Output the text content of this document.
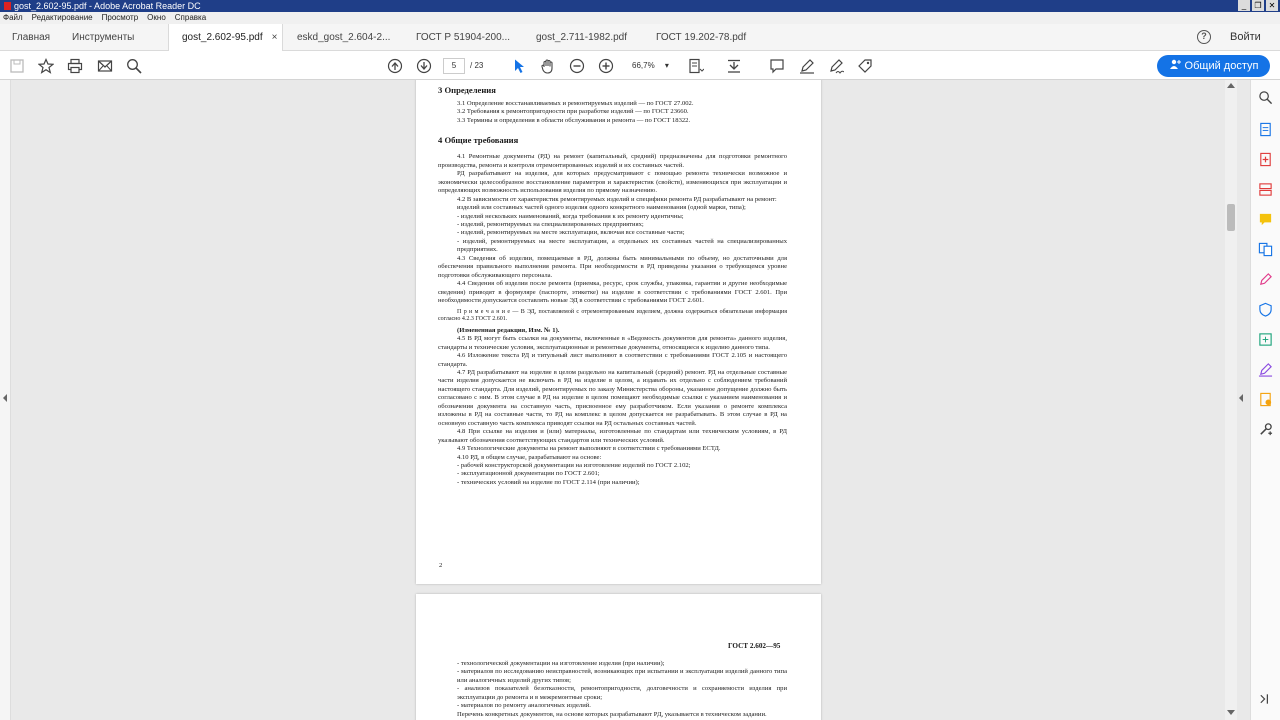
gost_2.602-95.pdf - Adobe Acrobat Reader DC	_	❐ ✕
Файл Редактирование Просмотр Окно Справка
Главная Инструменты	gost_2.602-95.pdf ×	eskd_gost_2.604-2...	ГОСТ Р 51904-200...	gost_2.711-1982.pdf	ГОСТ 19.202-78.pdf	?	Войти
5	/ 23	66,7% ▾	Общий доступ

3 Определения

3.1 Определение восстанавливаемых и ремонтируемых изделий — по ГОСТ 27.002.

3.2 Требования к ремонтопригодности при разработке изделий — по ГОСТ 23660.

3.3 Термины и определения в области обслуживания и ремонта — по ГОСТ 18322.

4 Общие требования

4.1 Ремонтные документы (РД) на ремонт (капитальный, средний) предназначены для подготовки ремонтного производства, ремонта и контроля отремонтированных изделий и их составных частей.

РД разрабатывают на изделия, для которых предусматривают с помощью ремонта технически возможное и экономически целесообразное восстановление параметров и характеристик (свойств), изменяющихся при эксплуатации и определяющих возможность использования изделия по прямому назначению.

4.2 В зависимости от характеристик ремонтируемых изделий и специфики ремонта РД разрабатывают на ремонт:

изделий или составных частей одного изделия одного конкретного наименования (одной марки, типа);

- изделий нескольких наименований, когда требования к их ремонту идентичны;

- изделий, ремонтируемых на специализированных предприятиях;

- изделий, ремонтируемых на месте эксплуатации, включая все составные части;

- изделий, ремонтируемых на месте эксплуатации, а отдельных их составных частей на специализированных предприятиях.

4.3 Сведения об изделии, помещаемые в РД, должны быть минимальными по объему, но достаточными для обеспечения правильного выполнения ремонта. При необходимости в РД приведены указания о требующемся уровне подготовки обслуживающего персонала.

4.4 Сведения об изделии после ремонта (приемка, ресурс, срок службы, упаковка, гарантии и другие необходимые сведения) приводят в формуляре (паспорте, этикетке) на изделие в соответствии с требованиями ГОСТ 2.601. При необходимости допускается составлять новые ЭД в соответствии с требованиями ГОСТ 2.601.

П р и м е ч а н и е — В ЭД, поставляемой с отремонтированным изделием, должна содержаться обязательная информация согласно 4.2.3 ГОСТ 2.601.

(Измененная редакция, Изм. № 1).

4.5 В РД могут быть ссылки на документы, включенные в «Ведомость документов для ремонта» данного изделия, стандарты и технические условия, эксплуатационные и ремонтные документы, относящиеся к изделию данного типа.

4.6 Изложение текста РД и титульный лист выполняют в соответствии с требованиями ГОСТ 2.105 и настоящего стандарта.

4.7 РД разрабатывают на изделие в целом раздельно на капитальный (средний) ремонт. РД на отдельные составные части изделия допускается не включать в РД на изделие в целом, а издавать их отдельно с соблюдением требований настоящего стандарта. Для изделий, ремонтируемых по заказу Министерства обороны, указанное допущение должно быть согласовано с ним. В этом случае в РД на изделие в целом помещают необходимые ссылки с указанием наименования и обозначения документа на составную часть, присвоенное ему разработчиком. Если указания о ремонте комплекса изложены в РД на составные части, то РД на комплекс в целом допускается не разрабатывать. В этом случае в РД на основную составную часть комплекса приводят ссылки на РД остальных составных частей.

4.8 При ссылке на изделия и (или) материалы, изготовленные по стандартам или техническим условиям, в РД указывают обозначения соответствующих стандартов или технических условий.

4.9 Технологические документы на ремонт выполняют в соответствии с требованиями ЕСТД.

4.10 РД, в общем случае, разрабатывают на основе:

- рабочей конструкторской документации на изготовление изделий по ГОСТ 2.102;

- эксплуатационной документации по ГОСТ 2.601;

- технических условий на изделие по ГОСТ 2.114 (при наличии);

2
ГОСТ 2.602—95

- технологической документации на изготовление изделия (при наличии);

- материалов по исследованию неисправностей, возникающих при испытании и эксплуатации изделий данного типа или аналогичных изделий других типов;

- анализов показателей безотказности, ремонтопригодности, долговечности и сохраняемости изделия при эксплуатации до ремонта и в межремонтные сроки;

- материалов по ремонту аналогичных изделий.

Перечень конкретных документов, на основе которых разрабатывают РД, указывается в техническом задании.
